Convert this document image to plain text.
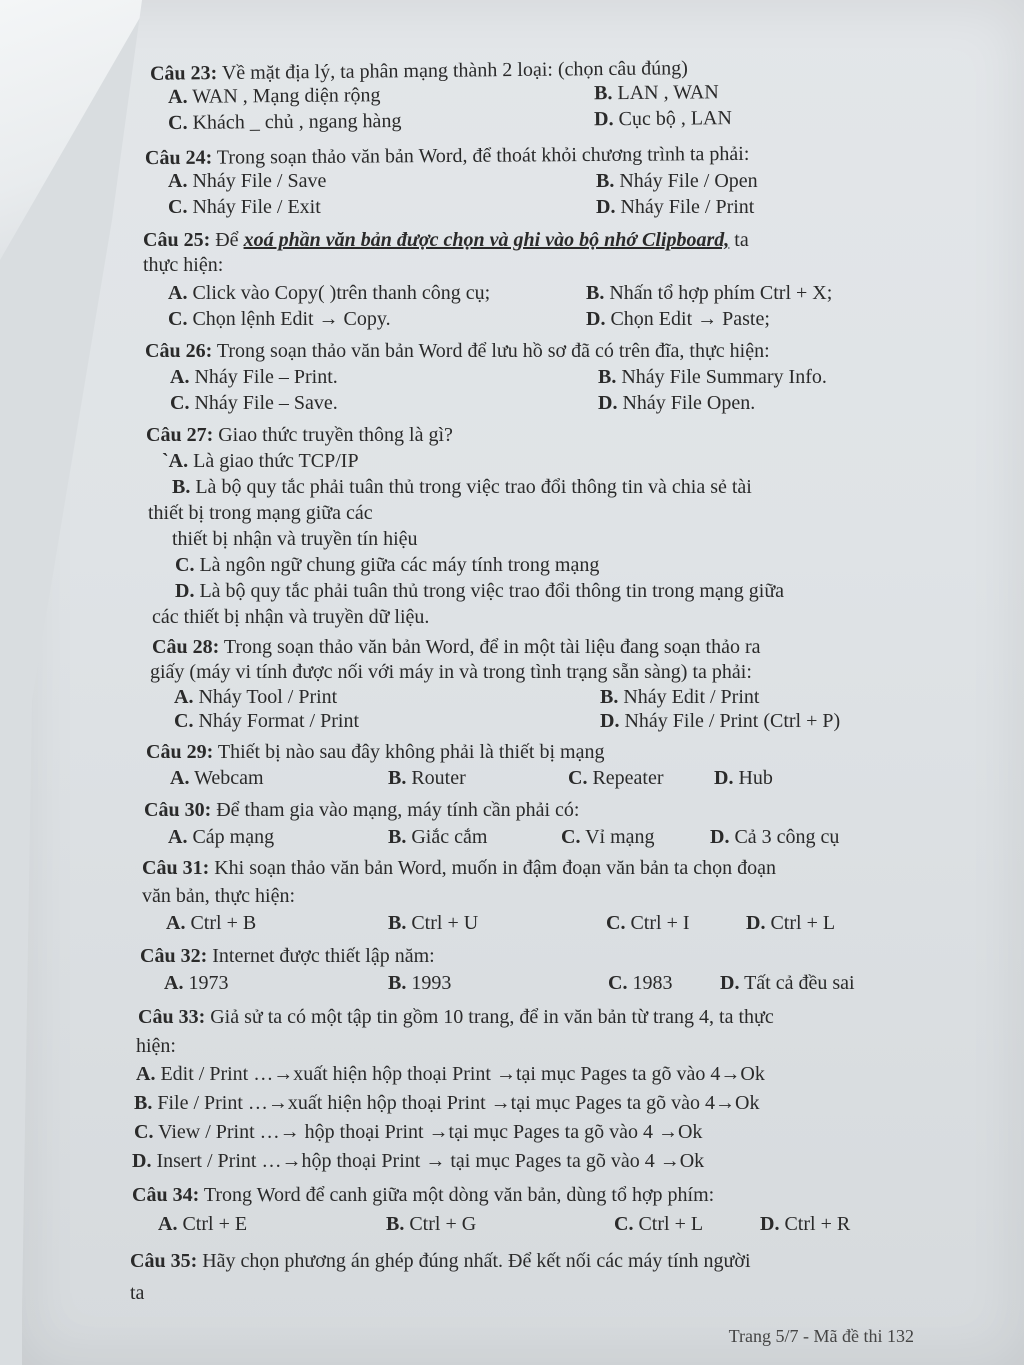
Câu 23: Về mặt địa lý, ta phân mạng thành 2 loại: (chọn câu đúng)
A. WAN , Mạng diện rộng	B. LAN , WAN
C. Khách _ chủ , ngang hàng	D. Cục bộ , LAN
Câu 24: Trong soạn thảo văn bản Word, để thoát khỏi chương trình ta phải:
A. Nháy File / Save	B. Nháy File / Open
C. Nháy File / Exit	D. Nháy File / Print
Câu 25: Để xoá phần văn bản được chọn và ghi vào bộ nhớ Clipboard, ta
thực hiện:
A. Click vào Copy( )trên thanh công cụ;	B. Nhấn tổ hợp phím Ctrl + X;
C. Chọn lệnh Edit → Copy.	D. Chọn Edit → Paste;
Câu 26: Trong soạn thảo văn bản Word để lưu hồ sơ đã có trên đĩa, thực hiện:
A. Nháy File – Print.	B. Nháy File Summary Info.
C. Nháy File – Save.	D. Nháy File Open.
Câu 27: Giao thức truyền thông là gì?
`A. Là giao thức TCP/IP
B. Là bộ quy tắc phải tuân thủ trong việc trao đổi thông tin và chia sẻ tài
thiết bị trong mạng giữa các
thiết bị nhận và truyền tín hiệu
C. Là ngôn ngữ chung giữa các máy tính trong mạng
D. Là bộ quy tắc phải tuân thủ trong việc trao đổi thông tin trong mạng giữa
các thiết bị nhận và truyền dữ liệu.
Câu 28: Trong soạn thảo văn bản Word, để in một tài liệu đang soạn thảo ra
giấy (máy vi tính được nối với máy in và trong tình trạng sẵn sàng) ta phải:
A. Nháy Tool / Print	B. Nháy Edit / Print
C. Nháy Format / Print	D. Nháy File / Print (Ctrl + P)
Câu 29: Thiết bị nào sau đây không phải là thiết bị mạng
A. Webcam	B. Router	C. Repeater	D. Hub
Câu 30: Để tham gia vào mạng, máy tính cần phải có:
A. Cáp mạng	B. Giắc cắm	C. Vỉ mạng	D. Cả 3 công cụ
Câu 31: Khi soạn thảo văn bản Word, muốn in đậm đoạn văn bản ta chọn đoạn
văn bản, thực hiện:
A. Ctrl + B	B. Ctrl + U	C. Ctrl + I	D. Ctrl + L
Câu 32: Internet được thiết lập năm:
A. 1973	B. 1993	C. 1983 D. Tất cả đều sai
Câu 33: Giả sử ta có một tập tin gồm 10 trang, để in văn bản từ trang 4, ta thực
hiện:
A. Edit / Print …→xuất hiện hộp thoại Print →tại mục Pages ta gõ vào 4→Ok
B. File / Print …→xuất hiện hộp thoại Print →tại mục Pages ta gõ vào 4→Ok
C. View / Print …→ hộp thoại Print →tại mục Pages ta gõ vào 4 →Ok
D. Insert / Print …→hộp thoại Print → tại mục Pages ta gõ vào 4 →Ok
Câu 34: Trong Word để canh giữa một dòng văn bản, dùng tổ hợp phím:
A. Ctrl + E	B. Ctrl + G	C. Ctrl + L	D. Ctrl + R
Câu 35: Hãy chọn phương án ghép đúng nhất. Để kết nối các máy tính người
ta
Trang 5/7 - Mã đề thi 132
